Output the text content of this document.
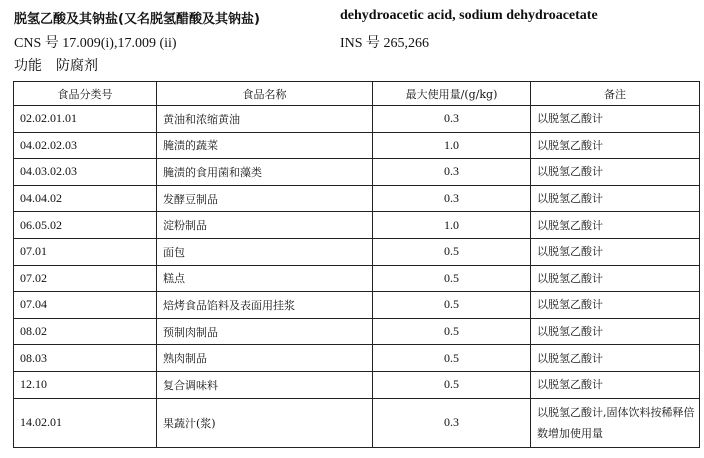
脱氢乙酸及其钠盐(又名脱氢醋酸及其钠盐)	dehydroacetic acid, sodium dehydroacetate
CNS 号 17.009(i),17.009 (ii)	INS 号 265,266
功能 防腐剂
食品分类号	食品名称	最大使用量/(g/kg)	备注
02.02.01.01	黄油和浓缩黄油	0.3	以脱氢乙酸计
04.02.02.03	腌渍的蔬菜	1.0	以脱氢乙酸计
04.03.02.03	腌渍的食用菌和藻类	0.3	以脱氢乙酸计
04.04.02	发酵豆制品	0.3	以脱氢乙酸计
06.05.02	淀粉制品	1.0	以脱氢乙酸计
07.01	面包	0.5	以脱氢乙酸计
07.02	糕点	0.5	以脱氢乙酸计
07.04	焙烤食品馅料及表面用挂浆	0.5	以脱氢乙酸计
08.02	预制肉制品	0.5	以脱氢乙酸计
08.03	熟肉制品	0.5	以脱氢乙酸计
12.10	复合调味料	0.5	以脱氢乙酸计
14.02.01	果蔬汁(浆)	0.3	以脱氢乙酸计,固体饮料按稀释倍数增加使用量
